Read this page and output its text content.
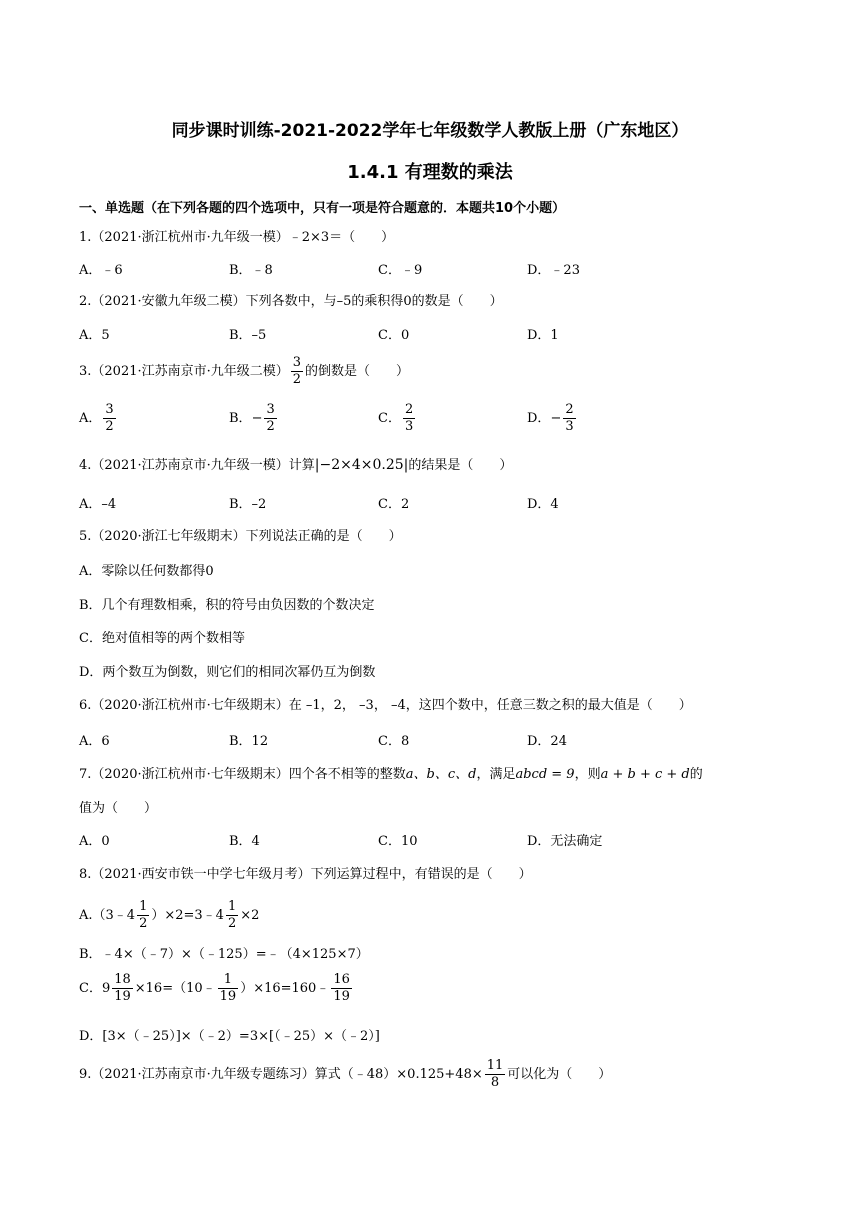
同步课时训练-2021-2022学年七年级数学人教版上册（广东地区）
1.4.1 有理数的乘法
一、单选题（在下列各题的四个选项中，只有一项是符合题意的．本题共10个小题）
1.（2021·浙江杭州市·九年级一模）﹣2×3＝（　　）
A．﹣6	B．﹣8	C．﹣9	D．﹣23
2.（2021·安徽九年级二模）下列各数中，与–5的乘积得0的数是（　　）
A．5	B．–5	C．0	D．1
3.（2021·江苏南京市·九年级二模） $\frac{3}{2}$ 的倒数是（　　）
A． $\frac{3}{2}$	B．− $\frac{3}{2}$	C． $\frac{2}{3}$	D．− $\frac{2}{3}$
4.（2021·江苏南京市·九年级一模）计算|−2×4×0.25|的结果是（　　）
A．–4	B．–2	C．2	D．4
5.（2020·浙江七年级期末）下列说法正确的是（　　）
A．零除以任何数都得0
B．几个有理数相乘，积的符号由负因数的个数决定
C．绝对值相等的两个数相等
D．两个数互为倒数，则它们的相同次幂仍互为倒数
6.（2020·浙江杭州市·七年级期末）在 –1，2， –3， –4，这四个数中，任意三数之积的最大值是（　　）
A．6	B．12	C．8	D．24
7.（2020·浙江杭州市·七年级期末）四个各不相等的整数a、b、c、d，满足abcd = 9，则a + b + c + d的
值为（　　）
A．0	B．4	C．10	D．无法确定
8.（2021·西安市铁一中学七年级月考）下列运算过程中，有错误的是（　　）
A.（3﹣4 $\frac{1}{2}$ ）×2=3﹣4 $\frac{1}{2} \times 2$
B．﹣4×（﹣7）×（﹣125）=﹣（4×125×7）
C．$9 \frac{18}{19}$ ×16=（10﹣ $\frac{1}{19}$ ）×16=160﹣ $\frac{16}{19}$
D．[3×（﹣25）]×（﹣2）=3×[（﹣25）×（﹣2）]
9.（2021·江苏南京市·九年级专题练习）算式（﹣48）×0.125+48× $\frac{11}{8}$ 可以化为（　　）
